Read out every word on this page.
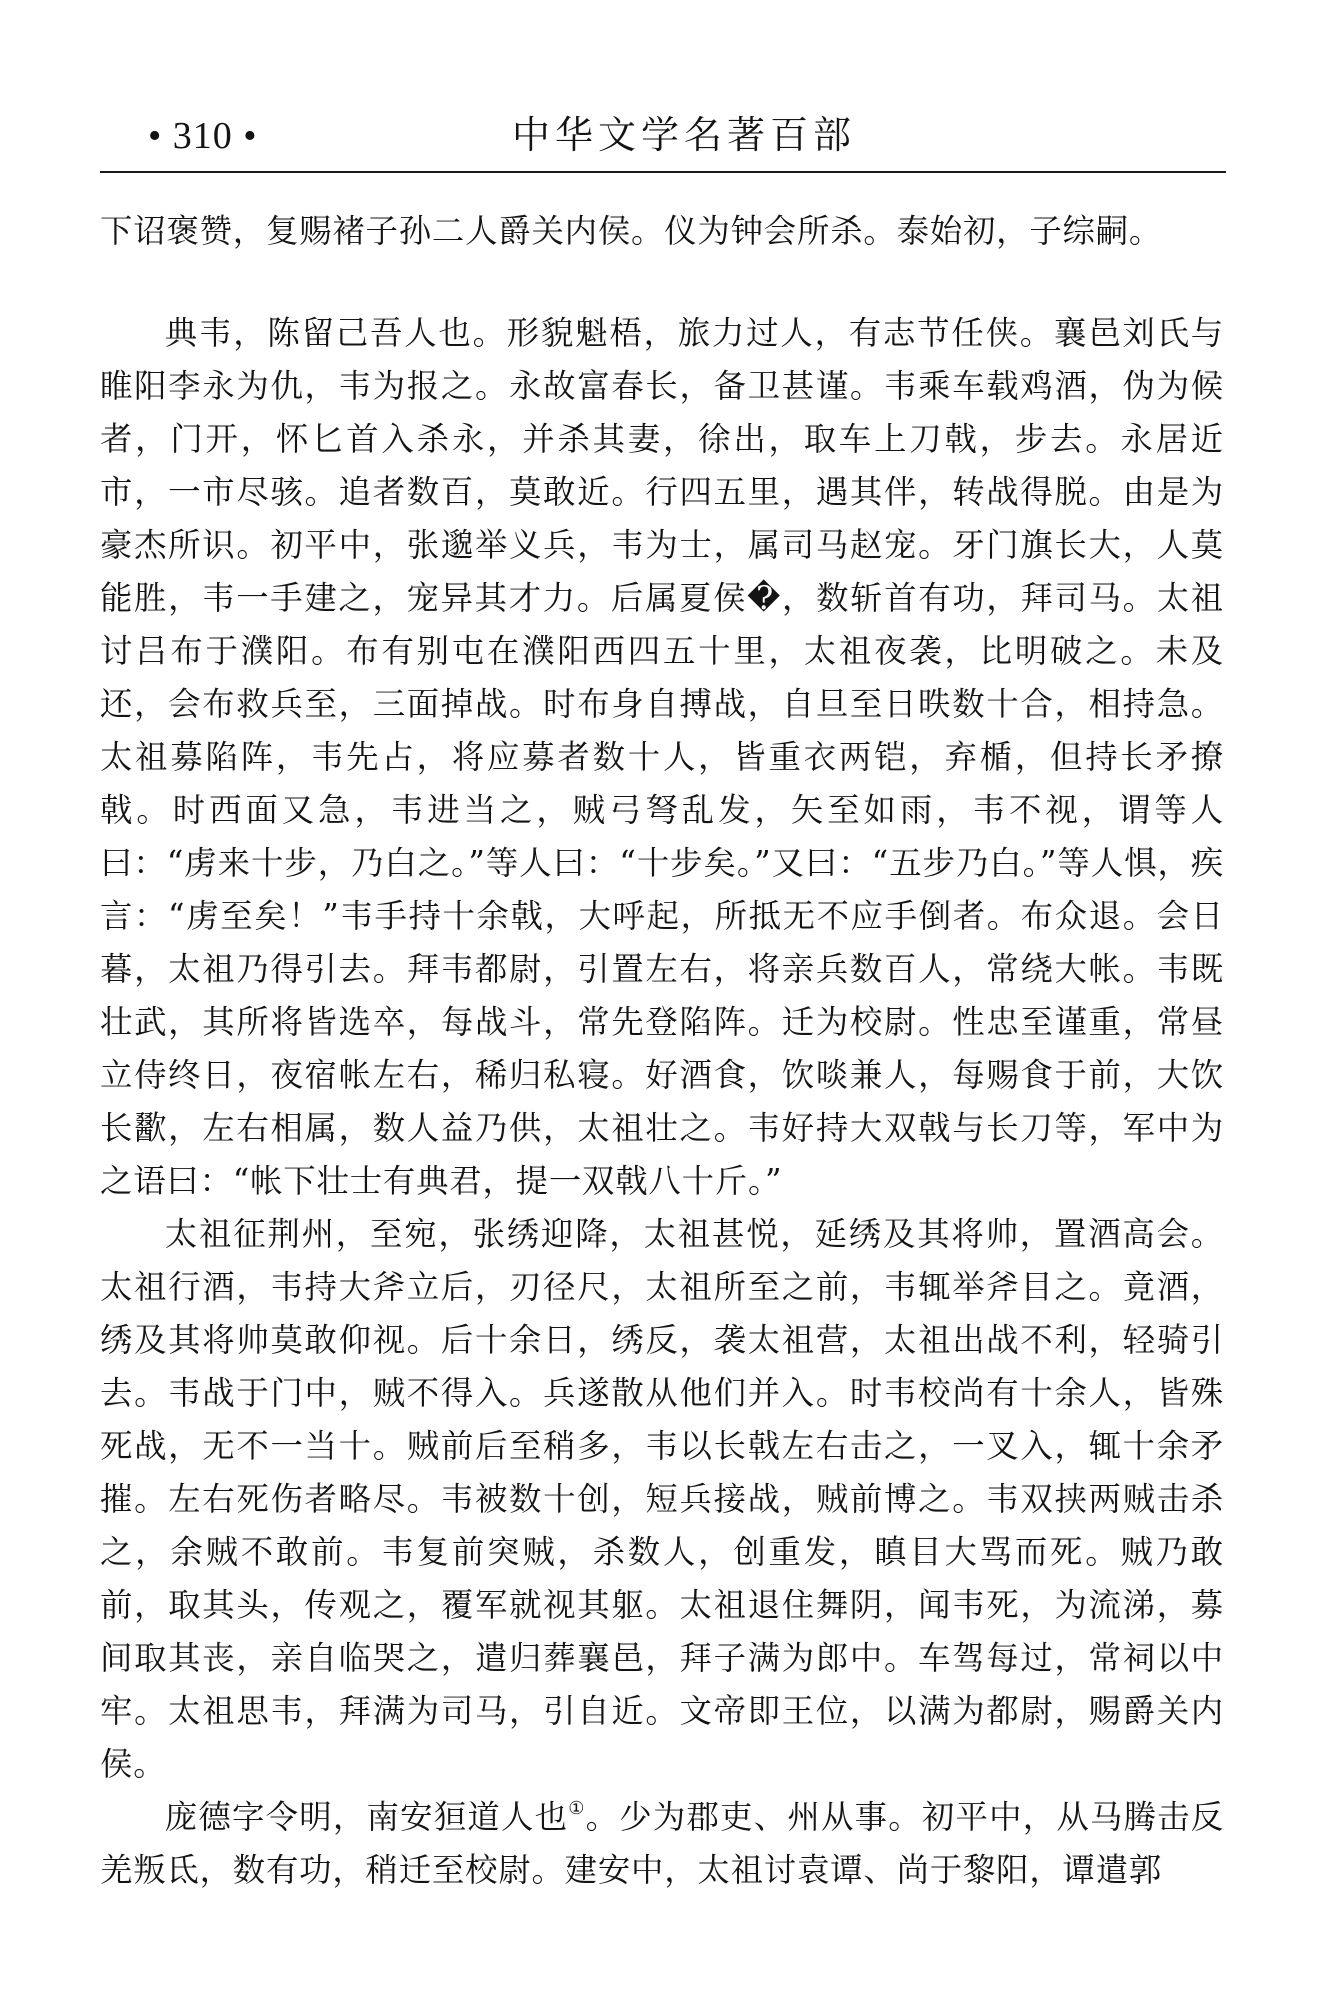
• 310 •	中华文学名著百部

下诏褒赞，复赐褚子孙二人爵关内侯。仪为钟会所杀。泰始初，子综嗣。

典韦，陈留己吾人也。形貌魁梧，旅力过人，有志节任侠。襄邑刘氏与睢阳李永为仇，韦为报之。永故富春长，备卫甚谨。韦乘车载鸡酒，伪为候者，门开，怀匕首入杀永，并杀其妻，徐出，取车上刀戟，步去。永居近市，一市尽骇。追者数百，莫敢近。行四五里，遇其伴，转战得脱。由是为豪杰所识。初平中，张邈举义兵，韦为士，属司马赵宠。牙门旗长大，人莫能胜，韦一手建之，宠异其才力。后属夏侯�，数斩首有功，拜司马。太祖讨吕布于濮阳。布有别屯在濮阳西四五十里，太祖夜袭，比明破之。未及还，会布救兵至，三面掉战。时布身自搏战，自旦至日昳数十合，相持急。太祖募陷阵，韦先占，将应募者数十人，皆重衣两铠，弃楯，但持长矛撩戟。时西面又急，韦进当之，贼弓弩乱发，矢至如雨，韦不视，谓等人曰：“虏来十步，乃白之。”等人曰：“十步矣。”又曰：“五步乃白。”等人惧，疾言：“虏至矣！”韦手持十余戟，大呼起，所抵无不应手倒者。布众退。会日暮，太祖乃得引去。拜韦都尉，引置左右，将亲兵数百人，常绕大帐。韦既壮武，其所将皆选卒，每战斗，常先登陷阵。迁为校尉。性忠至谨重，常昼立侍终日，夜宿帐左右，稀归私寝。好酒食，饮啖兼人，每赐食于前，大饮长歠，左右相属，数人益乃供，太祖壮之。韦好持大双戟与长刀等，军中为之语曰：“帐下壮士有典君，提一双戟八十斤。”

太祖征荆州，至宛，张绣迎降，太祖甚悦，延绣及其将帅，置酒高会。太祖行酒，韦持大斧立后，刃径尺，太祖所至之前，韦辄举斧目之。竟酒，绣及其将帅莫敢仰视。后十余日，绣反，袭太祖营，太祖出战不利，轻骑引去。韦战于门中，贼不得入。兵遂散从他们并入。时韦校尚有十余人，皆殊死战，无不一当十。贼前后至稍多，韦以长戟左右击之，一叉入，辄十余矛摧。左右死伤者略尽。韦被数十创，短兵接战，贼前博之。韦双挟两贼击杀之，余贼不敢前。韦复前突贼，杀数人，创重发，瞋目大骂而死。贼乃敢前，取其头，传观之，覆军就视其躯。太祖退住舞阴，闻韦死，为流涕，募间取其丧，亲自临哭之，遣归葬襄邑，拜子满为郎中。车驾每过，常祠以中牢。太祖思韦，拜满为司马，引自近。文帝即王位，以满为都尉，赐爵关内侯。

庞德字令明，南安狟道人也①。少为郡吏、州从事。初平中，从马腾击反羌叛氐，数有功，稍迁至校尉。建安中，太祖讨袁谭、尚于黎阳，谭遣郭
